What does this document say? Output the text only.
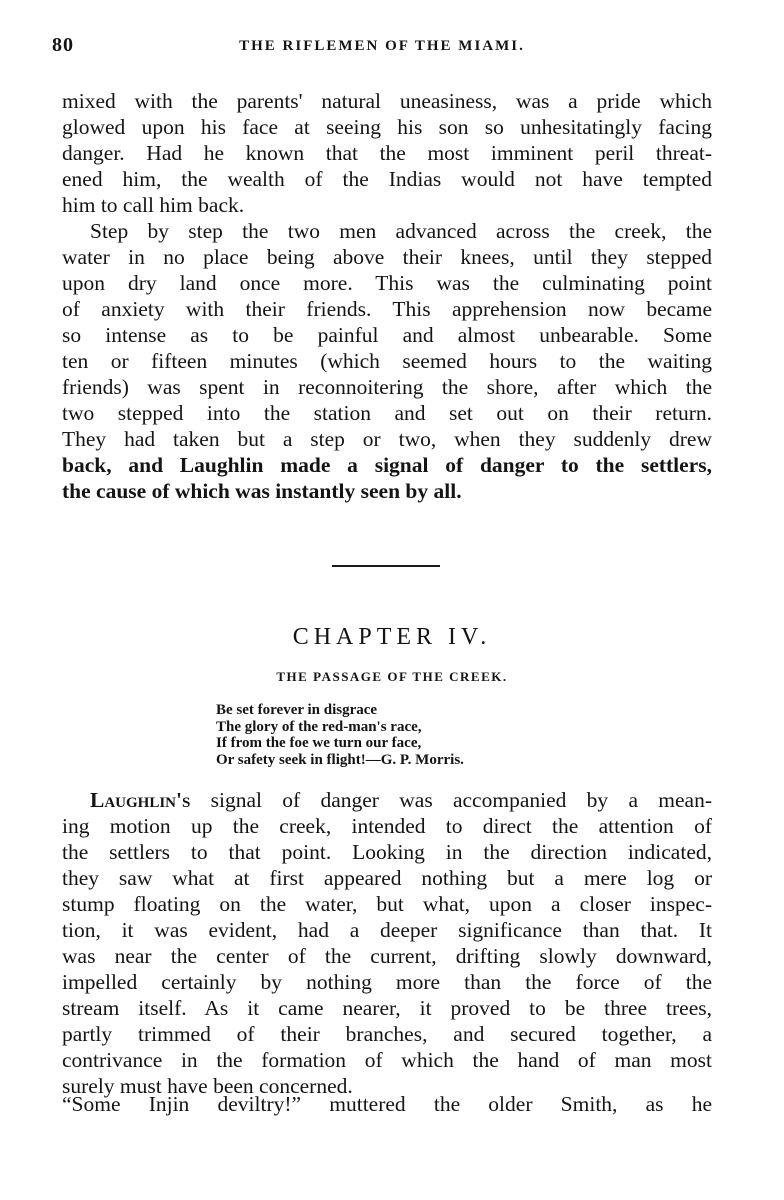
80	THE RIFLEMEN OF THE MIAMI.
mixed with the parents' natural uneasiness, was a pride which
glowed upon his face at seeing his son so unhesitatingly facing
danger. Had he known that the most imminent peril threat-
ened him, the wealth of the Indias would not have tempted
him to call him back.
Step by step the two men advanced across the creek, the
water in no place being above their knees, until they stepped
upon dry land once more. This was the culminating point
of anxiety with their friends. This apprehension now became
so intense as to be painful and almost unbearable. Some
ten or fifteen minutes (which seemed hours to the waiting
friends) was spent in reconnoitering the shore, after which the
two stepped into the station and set out on their return.
They had taken but a step or two, when they suddenly drew
back, and Laughlin made a signal of danger to the settlers,
the cause of which was instantly seen by all.
CHAPTER IV.
THE PASSAGE OF THE CREEK.
Be set forever in disgrace
The glory of the red-man's race,
If from the foe we turn our face,
Or safety seek in flight!—G. P. Morris.
Laughlin's signal of danger was accompanied by a mean-
ing motion up the creek, intended to direct the attention of
the settlers to that point. Looking in the direction indicated,
they saw what at first appeared nothing but a mere log or
stump floating on the water, but what, upon a closer inspec-
tion, it was evident, had a deeper significance than that. It
was near the center of the current, drifting slowly downward,
impelled certainly by nothing more than the force of the
stream itself. As it came nearer, it proved to be three trees,
partly trimmed of their branches, and secured together, a
contrivance in the formation of which the hand of man most
surely must have been concerned.
“Some Injin deviltry!” muttered the older Smith, as he
